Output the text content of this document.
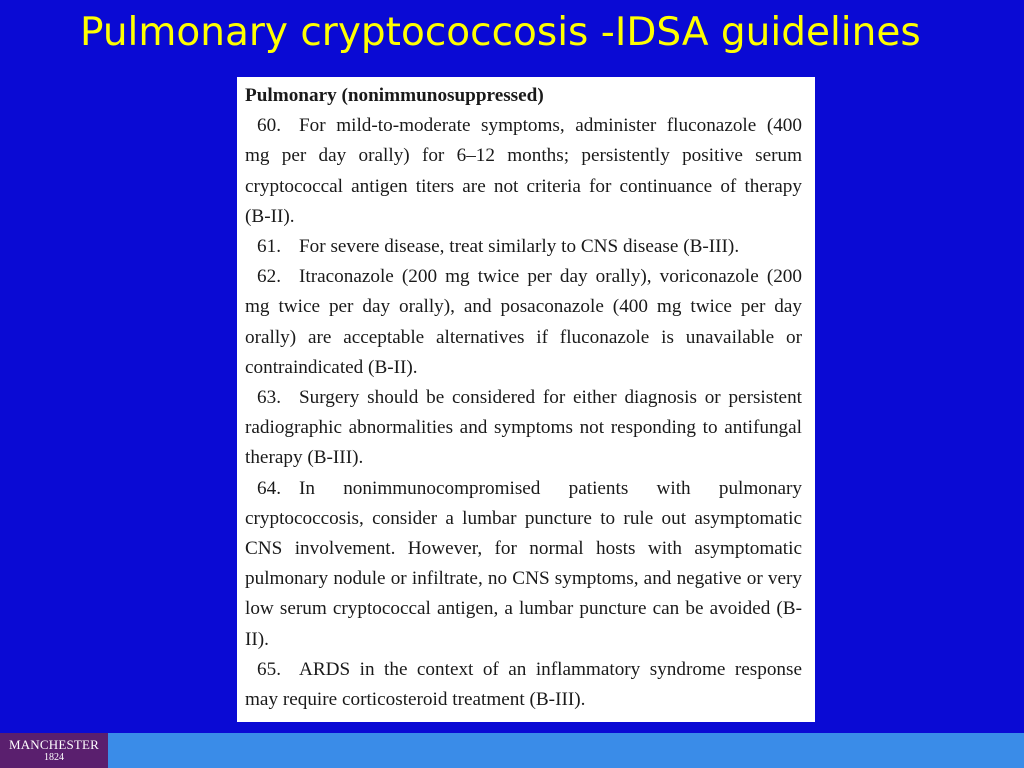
Pulmonary cryptococcosis -IDSA guidelines
Pulmonary (nonimmunosuppressed)
60. For mild-to-moderate symptoms, administer fluconazole (400 mg per day orally) for 6–12 months; persistently positive serum cryptococcal antigen titers are not criteria for continuance of therapy (B-II).
61. For severe disease, treat similarly to CNS disease (B-III).
62. Itraconazole (200 mg twice per day orally), voriconazole (200 mg twice per day orally), and posaconazole (400 mg twice per day orally) are acceptable alternatives if fluconazole is unavailable or contraindicated (B-II).
63. Surgery should be considered for either diagnosis or persistent radiographic abnormalities and symptoms not responding to antifungal therapy (B-III).
64. In nonimmunocompromised patients with pulmonary cryptococcosis, consider a lumbar puncture to rule out asymptomatic CNS involvement. However, for normal hosts with asymptomatic pulmonary nodule or infiltrate, no CNS symptoms, and negative or very low serum cryptococcal antigen, a lumbar puncture can be avoided (B-II).
65. ARDS in the context of an inflammatory syndrome response may require corticosteroid treatment (B-III).
MANCHESTER
1824
